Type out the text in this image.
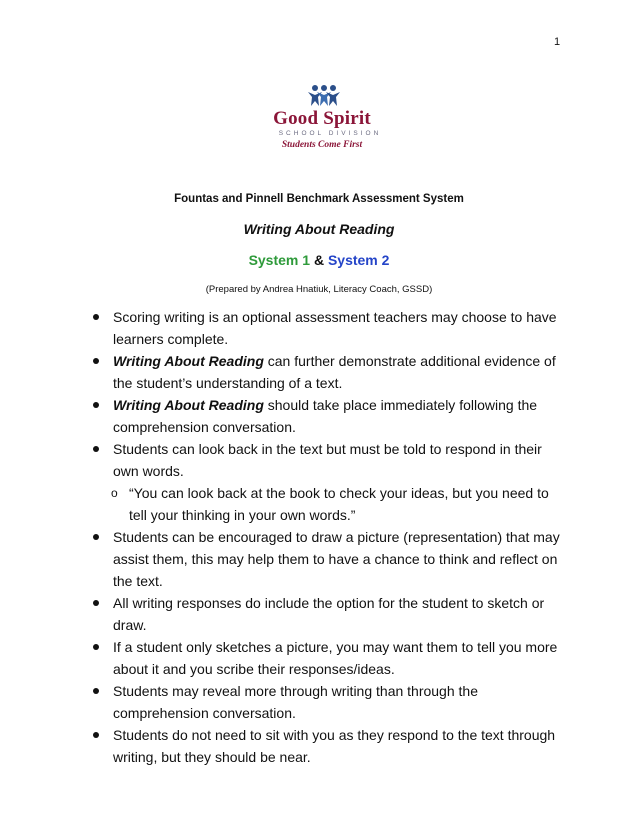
1
Good Spirit
SCHOOL DIVISION
Students Come First
Fountas and Pinnell Benchmark Assessment System
Writing About Reading
System 1 & System 2
(Prepared by Andrea Hnatiuk, Literacy Coach, GSSD)
Scoring writing is an optional assessment teachers may choose to have learners complete.
Writing About Reading can further demonstrate additional evidence of the student’s understanding of a text.
Writing About Reading should take place immediately following the comprehension conversation.
Students can look back in the text but must be told to respond in their own words.
o “You can look back at the book to check your ideas, but you need to tell your thinking in your own words.”
Students can be encouraged to draw a picture (representation) that may assist them, this may help them to have a chance to think and reflect on the text.
All writing responses do include the option for the student to sketch or draw.
If a student only sketches a picture, you may want them to tell you more about it and you scribe their responses/ideas.
Students may reveal more through writing than through the comprehension conversation.
Students do not need to sit with you as they respond to the text through writing, but they should be near.
